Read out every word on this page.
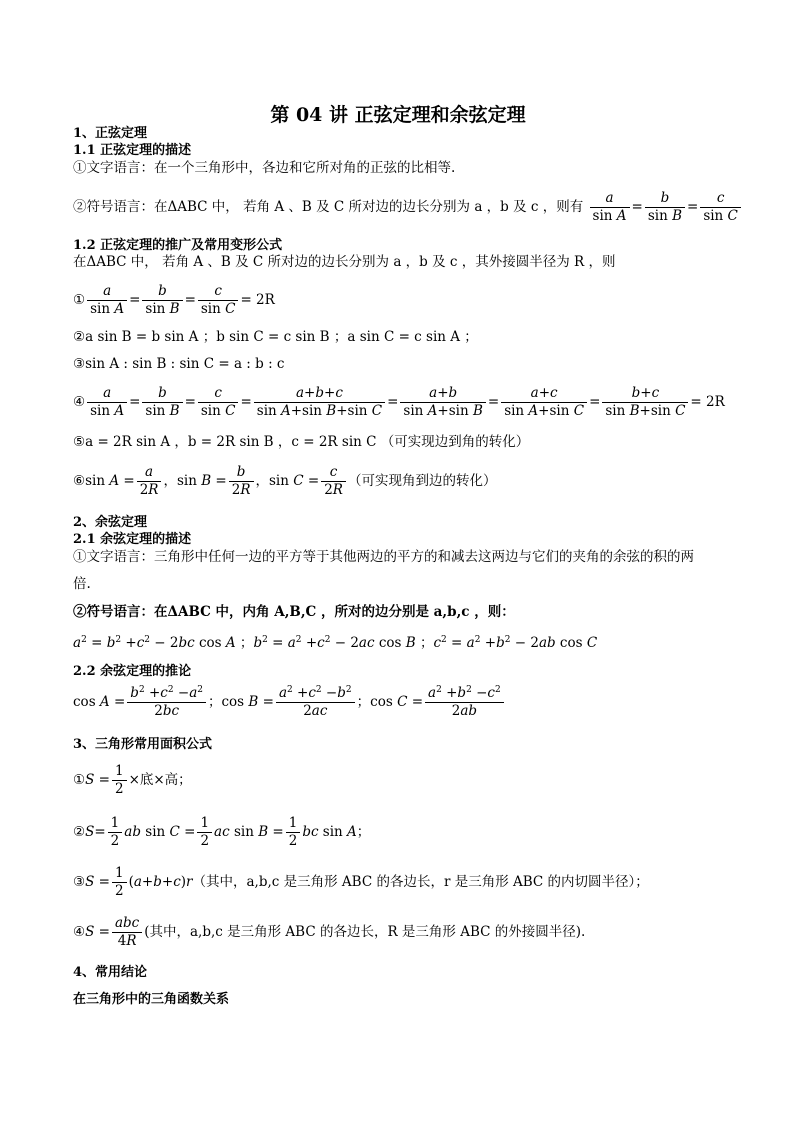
第 04 讲 正弦定理和余弦定理
1、正弦定理
1.1 正弦定理的描述
①文字语言：在一个三角形中，各边和它所对角的正弦的比相等.
②符号语言：在ΔABC 中， 若角 A 、B 及 C 所对边的边长分别为 a ，b 及 c ，则有 $\frac{a}{\text{sin A}} = \frac{b}{\text{sin B}} = \frac{c}{\text{sin C}}$
1.2 正弦定理的推广及常用变形公式
在ΔABC 中， 若角 A 、B 及 C 所对边的边长分别为 a ，b 及 c ，其外接圆半径为 R ，则
① $\frac{a}{\text{sin A}} = \frac{b}{\text{sin B}} = \frac{c}{\text{sin C}} = 2R$
②a sin B = b sin A ；b sin C = c sin B ；a sin C = c sin A ；
③sin A : sin B : sin C = a : b : c
④ $\frac{a}{\text{sin A}} = \frac{b}{\text{sin B}} = \frac{c}{\text{sin C}} = \frac{a+b+c}{\text{sin A+sin B+sin C}} = \frac{a+b}{\text{sin A+sin B}} = \frac{a+c}{\text{sin A+sin C}} = \frac{b+c}{\text{sin B+sin C}} = 2R$
⑤a = 2R sin A ，b = 2R sin B ，c = 2R sin C （可实现边到角的转化）
⑥sin $A = \frac{a}{2R}$ ，$\sin B = \frac{b}{2R}$ ，$\sin C = \frac{c}{2R}$ （可实现角到边的转化）
2、余弦定理
2.1 余弦定理的描述
①文字语言：三角形中任何一边的平方等于其他两边的平方的和减去这两边与它们的夹角的余弦的积的两
倍.
②符号语言：在ΔABC 中，内角 A,B,C ，所对的边分别是 a,b,c ，则：
$a^2 = b^2 +c^2 - 2bc$ cos A ；$b^2 = a^2 +c^2 - 2ac$ cos B ；$c^2 = a^2 +b^2 - 2ab$ cos C
2.2 余弦定理的推论
$\cos A = \frac{b^2 +c^2 -a^2}{2bc}$ ；$\cos B = \frac{a^2 +c^2 -b^2}{2ac}$ ；$\cos C = \frac{a^2 +b^2 -c^2}{2ab}$
3、三角形常用面积公式
①S = $\frac{1}{2}$ ×底×高；
②S= $\frac{1}{2}$ ab $\sin C = \frac{1}{2}$ ac $\sin B = \frac{1}{2}$ bc sin A；
③S = $\frac{1}{2} (a+b+c)r$（其中，a,b,c 是三角形 ABC 的各边长，r 是三角形 ABC 的内切圆半径）；
④S = $\frac{\text{abc}}{4R}$ (其中，a,b,c 是三角形 ABC 的各边长，R 是三角形 ABC 的外接圆半径).
4、常用结论
在三角形中的三角函数关系
